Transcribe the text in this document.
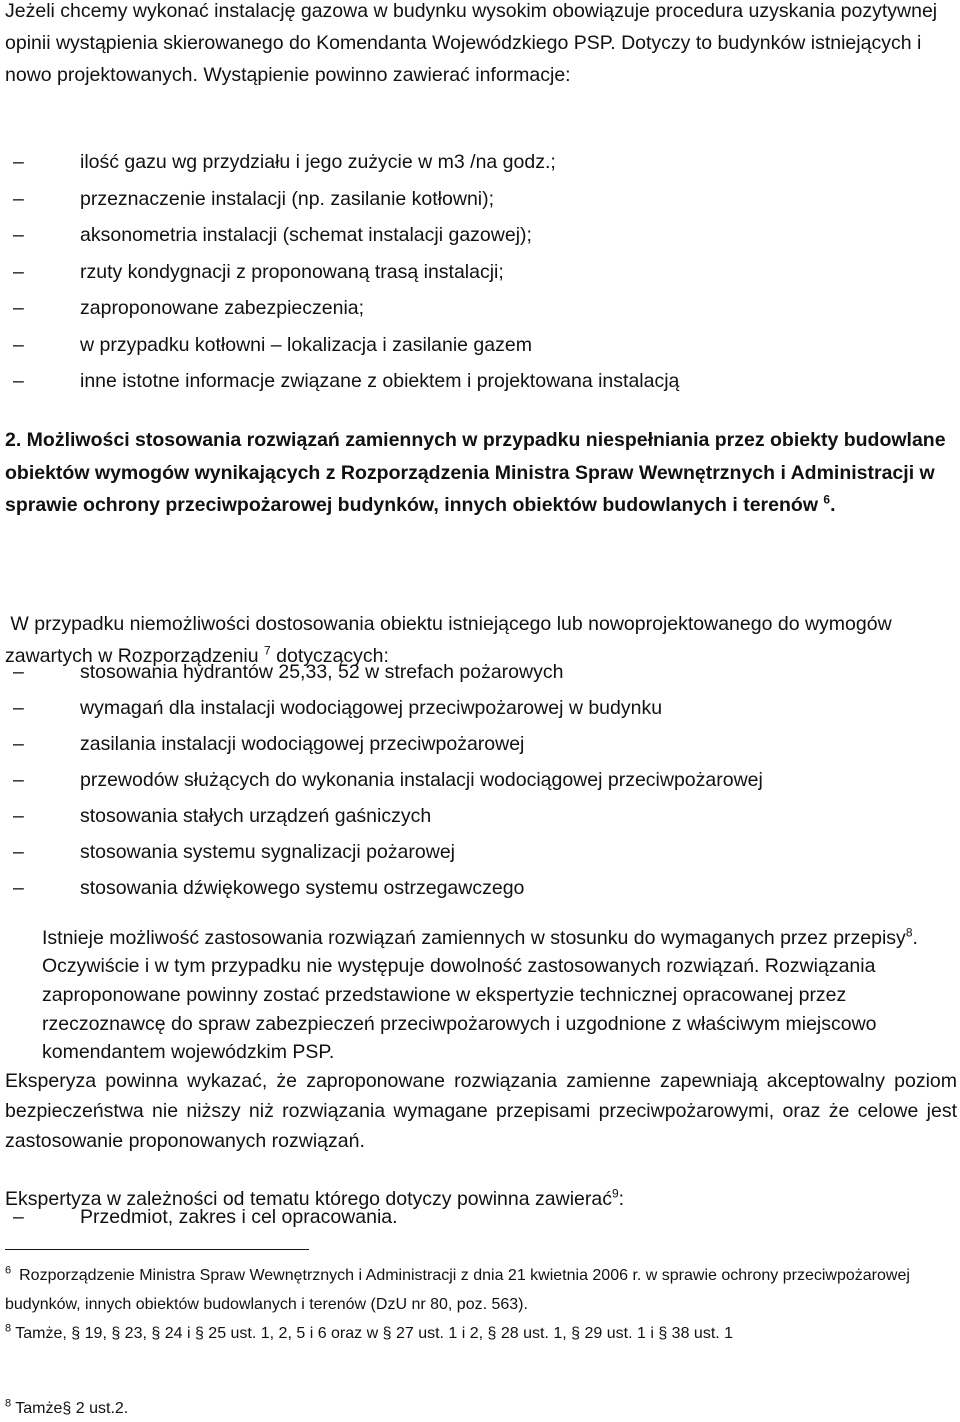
Jeżeli chcemy wykonać instalację gazowa w budynku wysokim obowiązuje procedura uzyskania pozytywnej opinii wystąpienia skierowanego do Komendanta Wojewódzkiego PSP. Dotyczy to budynków istniejących i nowo projektowanych. Wystąpienie powinno zawierać informacje:

–	ilość gazu wg przydziału i jego zużycie w m3 /na godz.;
–	przeznaczenie instalacji (np. zasilanie kotłowni);
–	aksonometria instalacji (schemat instalacji gazowej);
–	rzuty kondygnacji z proponowaną trasą instalacji;
–	zaproponowane zabezpieczenia;
–	w przypadku kotłowni – lokalizacja i zasilanie gazem
–	inne istotne informacje związane z obiektem i projektowana instalacją

2. Możliwości stosowania rozwiązań zamiennych w przypadku niespełniania przez obiekty budowlane obiektów wymogów wynikających z Rozporządzenia Ministra Spraw Wewnętrznych i Administracji w sprawie ochrony przeciwpożarowej budynków, innych obiektów budowlanych i terenów $^6$.

W przypadku niemożliwości dostosowania obiektu istniejącego lub nowoprojektowanego do wymogów zawartych w Rozporządzeniu $^7$ dotyczących:

–	stosowania hydrantów 25,33, 52 w strefach pożarowych
–	wymagań dla instalacji wodociągowej przeciwpożarowej w budynku
–	zasilania instalacji wodociągowej przeciwpożarowej
–	przewodów służących do wykonania instalacji wodociągowej przeciwpożarowej
–	stosowania stałych urządzeń gaśniczych
–	stosowania systemu sygnalizacji pożarowej
–	stosowania dźwiękowego systemu ostrzegawczego

Istnieje możliwość zastosowania rozwiązań zamiennych w stosunku do wymaganych przez przepisy$^8$. Oczywiście i w tym przypadku nie występuje dowolność zastosowanych rozwiązań. Rozwiązania zaproponowane powinny zostać przedstawione w ekspertyzie technicznej opracowanej przez rzeczoznawcę do spraw zabezpieczeń przeciwpożarowych i uzgodnione z właściwym miejscowo komendantem wojewódzkim PSP.

Eksperyza powinna wykazać, że zaproponowane rozwiązania zamienne zapewniają akceptowalny poziom bezpieczeństwa nie niższy niż rozwiązania wymagane przepisami przeciwpożarowymi, oraz że celowe jest zastosowanie proponowanych rozwiązań.

Ekspertyza w zależności od tematu którego dotyczy powinna zawierać$^9$:

–	Przedmiot, zakres i cel opracowania.
$^6$ Rozporządzenie Ministra Spraw Wewnętrznych i Administracji z dnia 21 kwietnia 2006 r. w sprawie ochrony przeciwpożarowej budynków, innych obiektów budowlanych i terenów (DzU nr 80, poz. 563).
$^8$ Tamże, § 19, § 23, § 24 i § 25 ust. 1, 2, 5 i 6 oraz w § 27 ust. 1 i 2, § 28 ust. 1, § 29 ust. 1 i § 38 ust. 1
$^8$ Tamże§ 2 ust.2.
